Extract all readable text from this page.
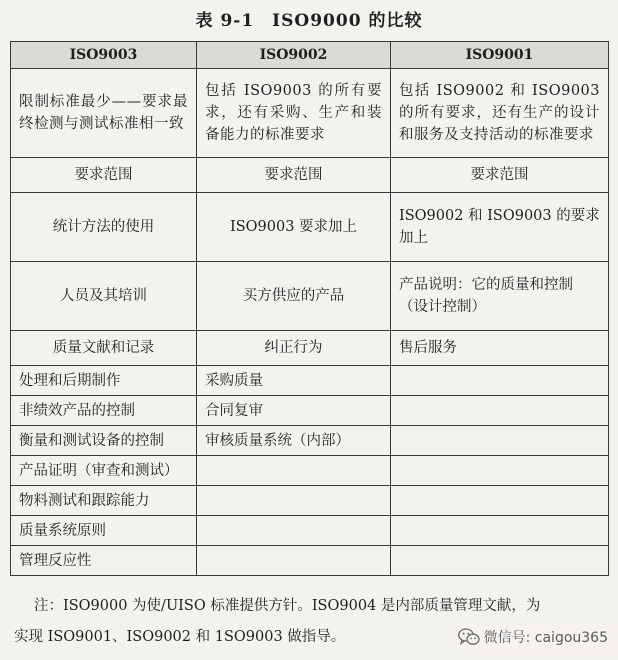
表 9-1　ISO9000 的比较
ISO9003	ISO9002	ISO9001
限制标准最少——要求最终检测与测试标准相一致	包括 ISO9003 的所有要求，还有采购、生产和装备能力的标准要求	包括 ISO9002 和 ISO9003 的所有要求，还有生产的设计和服务及支持活动的标准要求
要求范围	要求范围	要求范围
统计方法的使用	ISO9003 要求加上	ISO9002 和 ISO9003 的要求加上
人员及其培训	买方供应的产品	产品说明：它的质量和控制（设计控制）
质量文献和记录	纠正行为	售后服务
处理和后期制作	采购质量	
非绩效产品的控制	合同复审	
衡量和测试设备的控制	审核质量系统（内部）	
产品证明（审查和测试）		
物料测试和跟踪能力		
质量系统原则		
管理反应性		
注：ISO9000 为使/UISO 标准提供方针。ISO9004 是内部质量管理文献，为
实现 ISO9001、ISO9002 和 1SO9003 做指导。	微信号: caigou365
